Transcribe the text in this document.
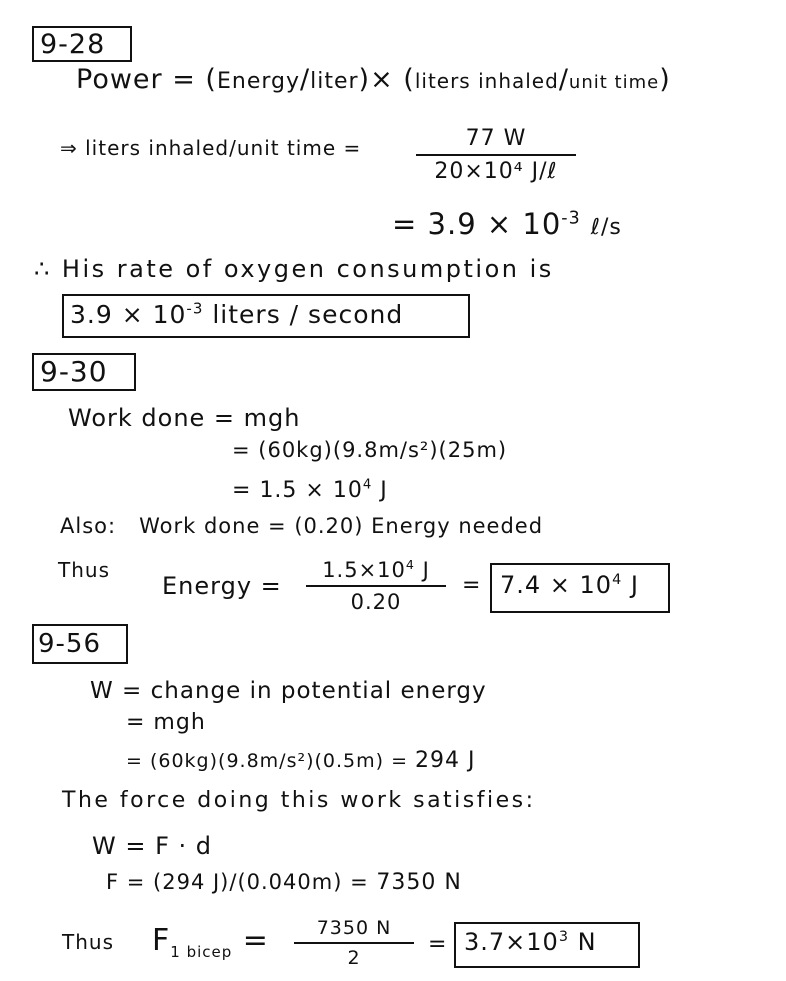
9-28
Power = (Energy/liter)× (liters inhaled/unit time)
⇒ liters inhaled/unit time =	77 W
20×10⁴ J/ℓ
= $3.9 \times 10^{-3}$ ℓ/s
∴ His rate of oxygen consumption is
$3.9 \times 10^{-3}$ liters / second
9-30
Work done = mgh
= (60kg)(9.8m/s²)(25m)
= $1.5 \times 10^4$ J
Also: Work done = (0.20) Energy needed
Thus
Energy =
$1.5\times 10^4$ J
0.20
= $7.4 \times 10^4$ J
9-56
W = change in potential energy
= mgh
= (60kg)(9.8m/s²)(0.5m) = 294 J
The force doing this work satisfies:
W = F · d
F = (294 J)/(0.040m) = 7350 N
Thus $F_{1 bicep}$ =	7350 N
2
= $3.7\times 10^3$ N
